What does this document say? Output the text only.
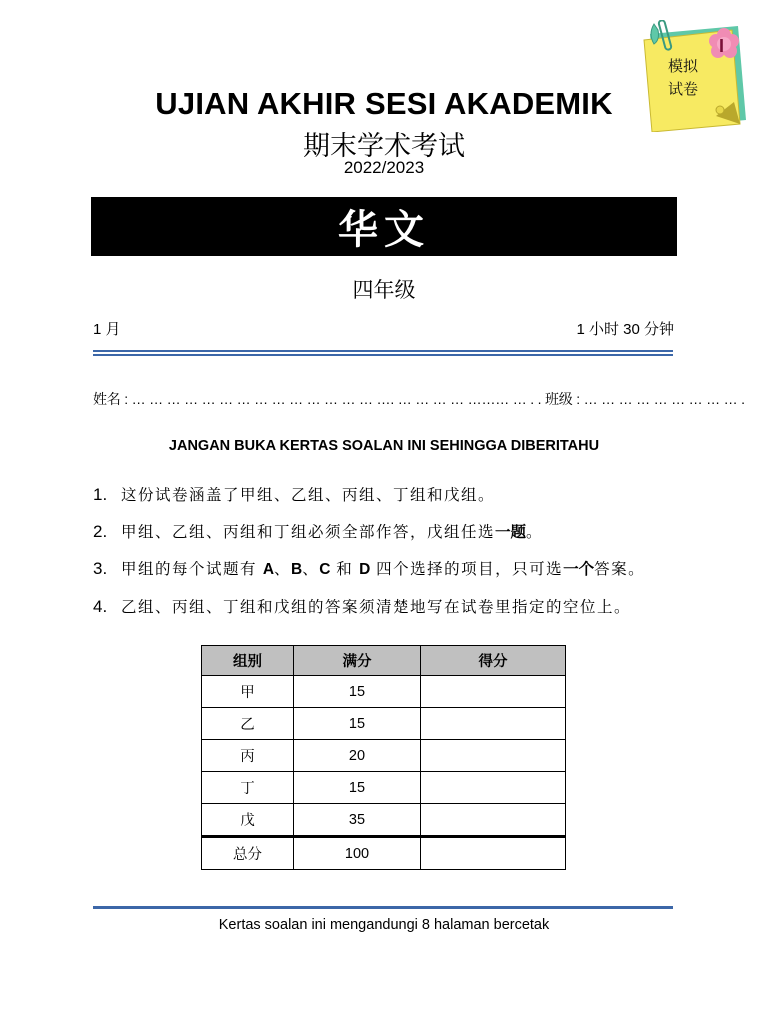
I
模拟
试卷
UJIAN AKHIR SESI AKADEMIK
期末学术考试
2022/2023
华文
四年级
1 月	1 小时 30 分钟
姓名 : … … … … … … … … … … … … … … …. … … … … ……… … . . 班级 : … … … … … … … … … .
JANGAN BUKA KERTAS SOALAN INI SEHINGGA DIBERITAHU
1. 这份试卷涵盖了甲组、乙组、丙组、丁组和戊组。
2. 甲组、乙组、丙组和丁组必须全部作答，戊组任选一题。
3. 甲组的每个试题有 A、B、C 和 D 四个选择的项目，只可选一个答案。
4. 乙组、丙组、丁组和戊组的答案须清楚地写在试卷里指定的空位上。
组别	满分	得分
甲	15	
乙	15	
丙	20	
丁	15	
戊	35	
总分	100	
Kertas soalan ini mengandungi 8 halaman bercetak
